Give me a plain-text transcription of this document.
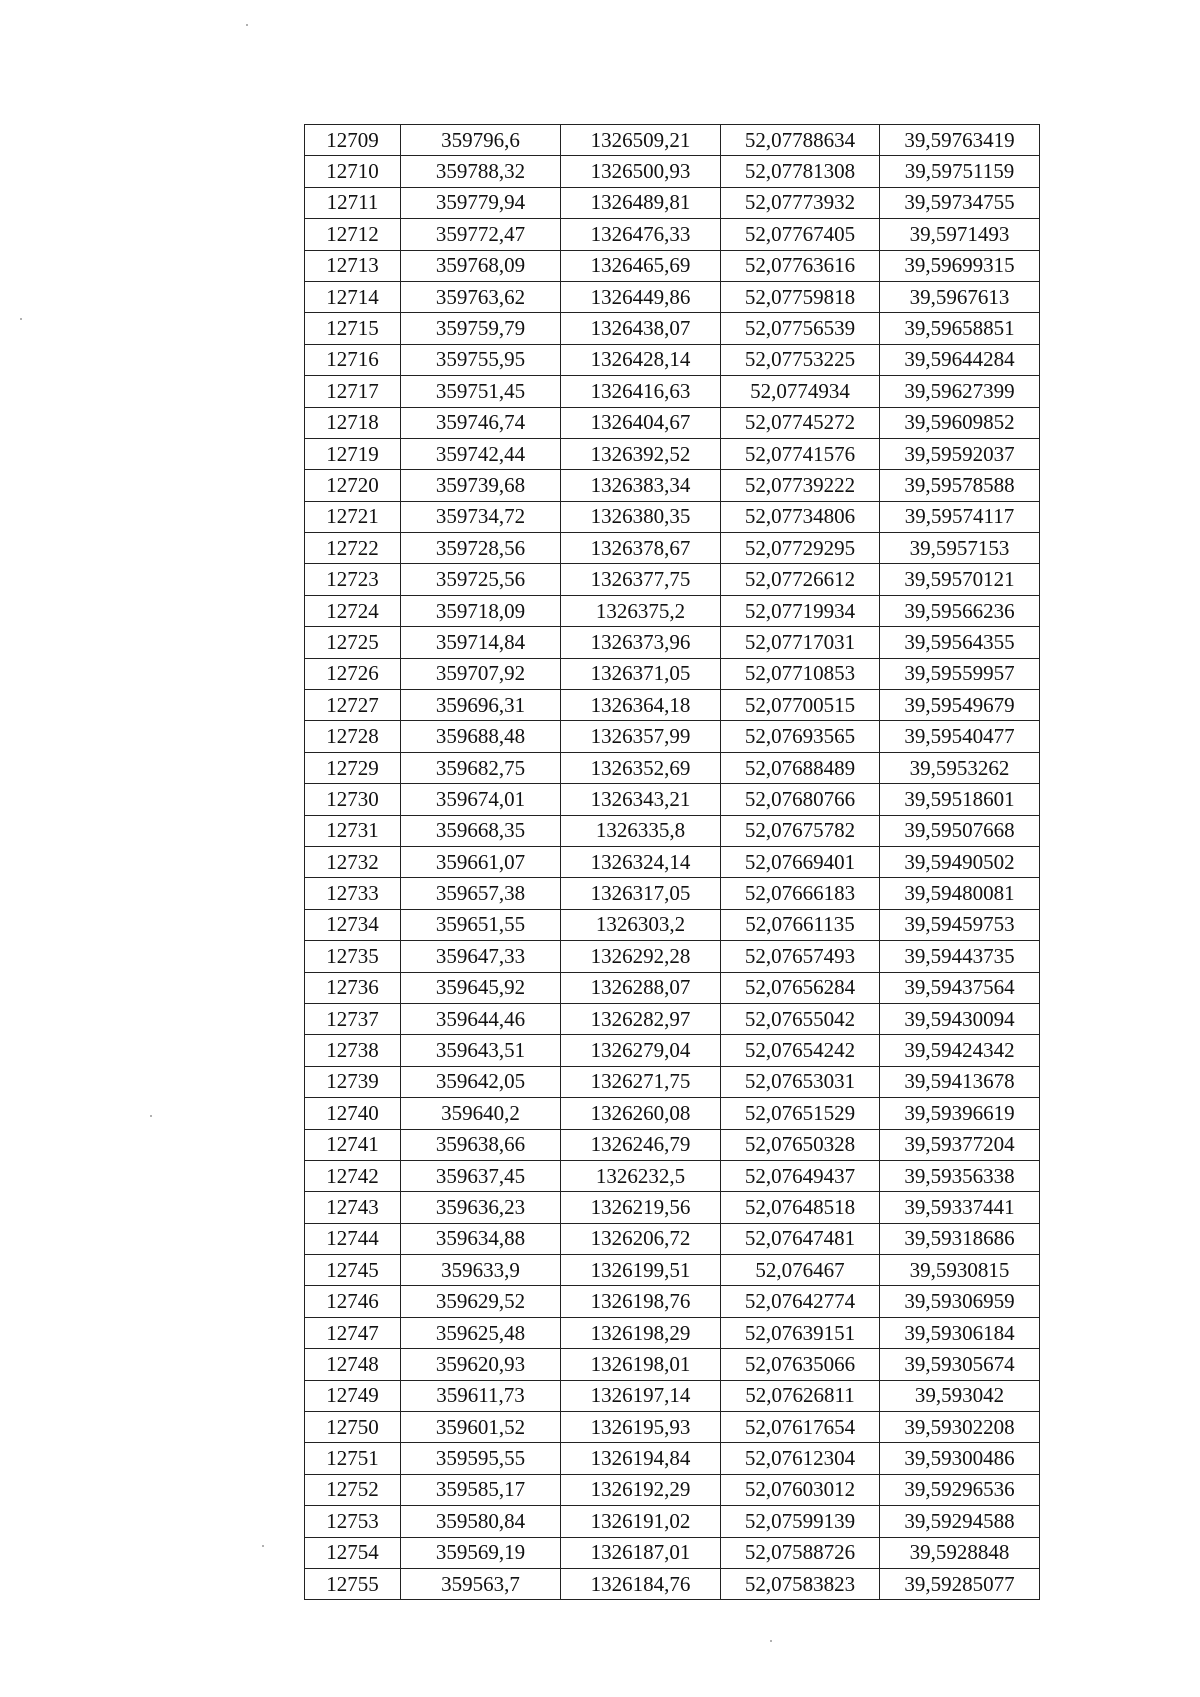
12709	359796,6	1326509,21	52,07788634	39,59763419
12710	359788,32	1326500,93	52,07781308	39,59751159
12711	359779,94	1326489,81	52,07773932	39,59734755
12712	359772,47	1326476,33	52,07767405	39,5971493
12713	359768,09	1326465,69	52,07763616	39,59699315
12714	359763,62	1326449,86	52,07759818	39,5967613
12715	359759,79	1326438,07	52,07756539	39,59658851
12716	359755,95	1326428,14	52,07753225	39,59644284
12717	359751,45	1326416,63	52,0774934	39,59627399
12718	359746,74	1326404,67	52,07745272	39,59609852
12719	359742,44	1326392,52	52,07741576	39,59592037
12720	359739,68	1326383,34	52,07739222	39,59578588
12721	359734,72	1326380,35	52,07734806	39,59574117
12722	359728,56	1326378,67	52,07729295	39,5957153
12723	359725,56	1326377,75	52,07726612	39,59570121
12724	359718,09	1326375,2	52,07719934	39,59566236
12725	359714,84	1326373,96	52,07717031	39,59564355
12726	359707,92	1326371,05	52,07710853	39,59559957
12727	359696,31	1326364,18	52,07700515	39,59549679
12728	359688,48	1326357,99	52,07693565	39,59540477
12729	359682,75	1326352,69	52,07688489	39,5953262
12730	359674,01	1326343,21	52,07680766	39,59518601
12731	359668,35	1326335,8	52,07675782	39,59507668
12732	359661,07	1326324,14	52,07669401	39,59490502
12733	359657,38	1326317,05	52,07666183	39,59480081
12734	359651,55	1326303,2	52,07661135	39,59459753
12735	359647,33	1326292,28	52,07657493	39,59443735
12736	359645,92	1326288,07	52,07656284	39,59437564
12737	359644,46	1326282,97	52,07655042	39,59430094
12738	359643,51	1326279,04	52,07654242	39,59424342
12739	359642,05	1326271,75	52,07653031	39,59413678
12740	359640,2	1326260,08	52,07651529	39,59396619
12741	359638,66	1326246,79	52,07650328	39,59377204
12742	359637,45	1326232,5	52,07649437	39,59356338
12743	359636,23	1326219,56	52,07648518	39,59337441
12744	359634,88	1326206,72	52,07647481	39,59318686
12745	359633,9	1326199,51	52,076467	39,5930815
12746	359629,52	1326198,76	52,07642774	39,59306959
12747	359625,48	1326198,29	52,07639151	39,59306184
12748	359620,93	1326198,01	52,07635066	39,59305674
12749	359611,73	1326197,14	52,07626811	39,593042
12750	359601,52	1326195,93	52,07617654	39,59302208
12751	359595,55	1326194,84	52,07612304	39,59300486
12752	359585,17	1326192,29	52,07603012	39,59296536
12753	359580,84	1326191,02	52,07599139	39,59294588
12754	359569,19	1326187,01	52,07588726	39,5928848
12755	359563,7	1326184,76	52,07583823	39,59285077
